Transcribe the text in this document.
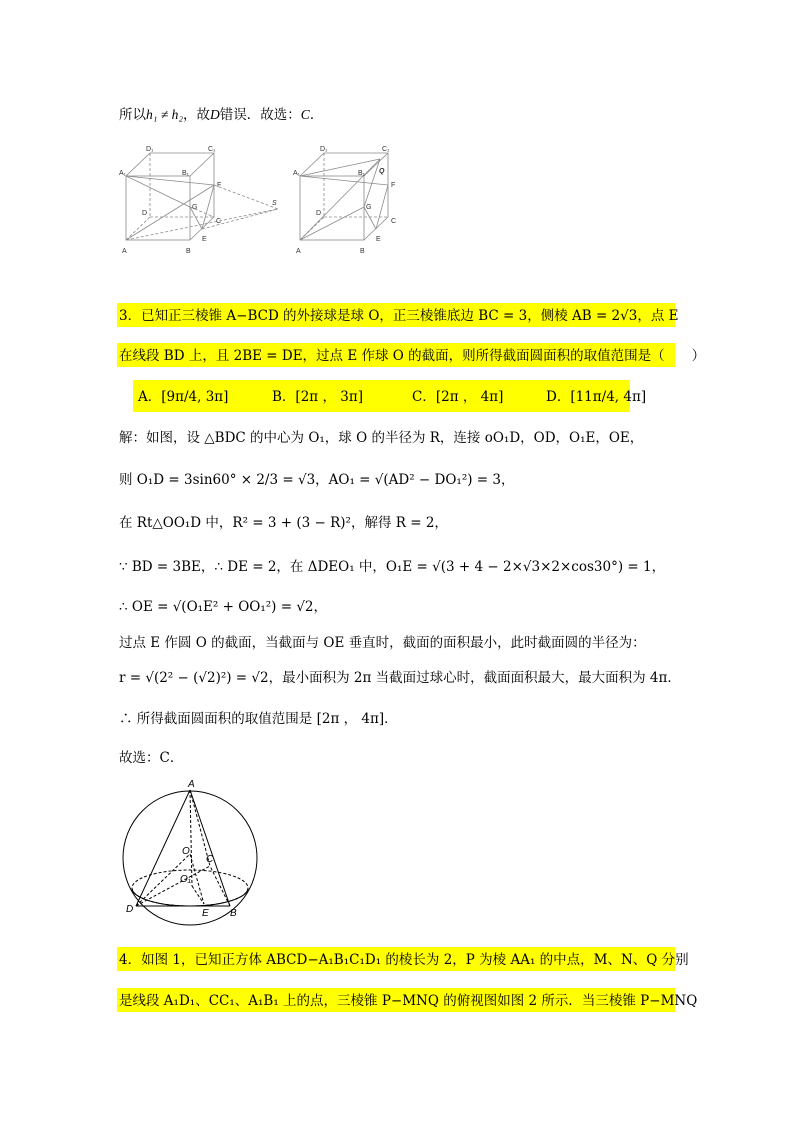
所以h₁ ≠ h₂，故D错误．故选：C．
D₁	C₁
A₁	B₁
F
D
G
C
E
S
A	B
D₁	C₁
A₁	B₁ Q
F
D
G
C
E
A	B
3．已知正三棱锥 A−BCD 的外接球是球 O，正三棱锥底边 BC = 3，侧棱 AB = 2√3，点 E
在线段 BD 上，且 2BE = DE，过点 E 作球 O 的截面，则所得截面圆面积的取值范围是（　　）
A．[9π/4, 3π]	B．[2π ， 3π]	C．[2π ， 4π]	D．[11π/4, 4π]
解：如图，设 △BDC 的中心为 O₁，球 O 的半径为 R，连接 oO₁D，OD，O₁E，OE，
则 O₁D = 3sin60° × 2/3 = √3，AO₁ = √(AD² − DO₁²) = 3，
在 Rt△OO₁D 中，R² = 3 + (3 − R)²，解得 R = 2，
∵ BD = 3BE，∴ DE = 2，在 ΔDEO₁ 中，O₁E = √(3 + 4 − 2×√3×2×cos30°) = 1，
∴ OE = √(O₁E² + OO₁²) = √2，
过点 E 作圆 O 的截面，当截面与 OE 垂直时，截面的面积最小，此时截面圆的半径为：
r = √(2² − (√2)²) = √2，最小面积为 2π 当截面过球心时，截面面积最大，最大面积为 4π．
∴ 所得截面圆面积的取值范围是 [2π ， 4π]．
故选：C．
A
O
C
O₁
D	E B
4．如图 1，已知正方体 ABCD−A₁B₁C₁D₁ 的棱长为 2，P 为棱 AA₁ 的中点，M、N、Q 分别
是线段 A₁D₁、CC₁、A₁B₁ 上的点，三棱锥 P−MNQ 的俯视图如图 2 所示．当三棱锥 P−MNQ
